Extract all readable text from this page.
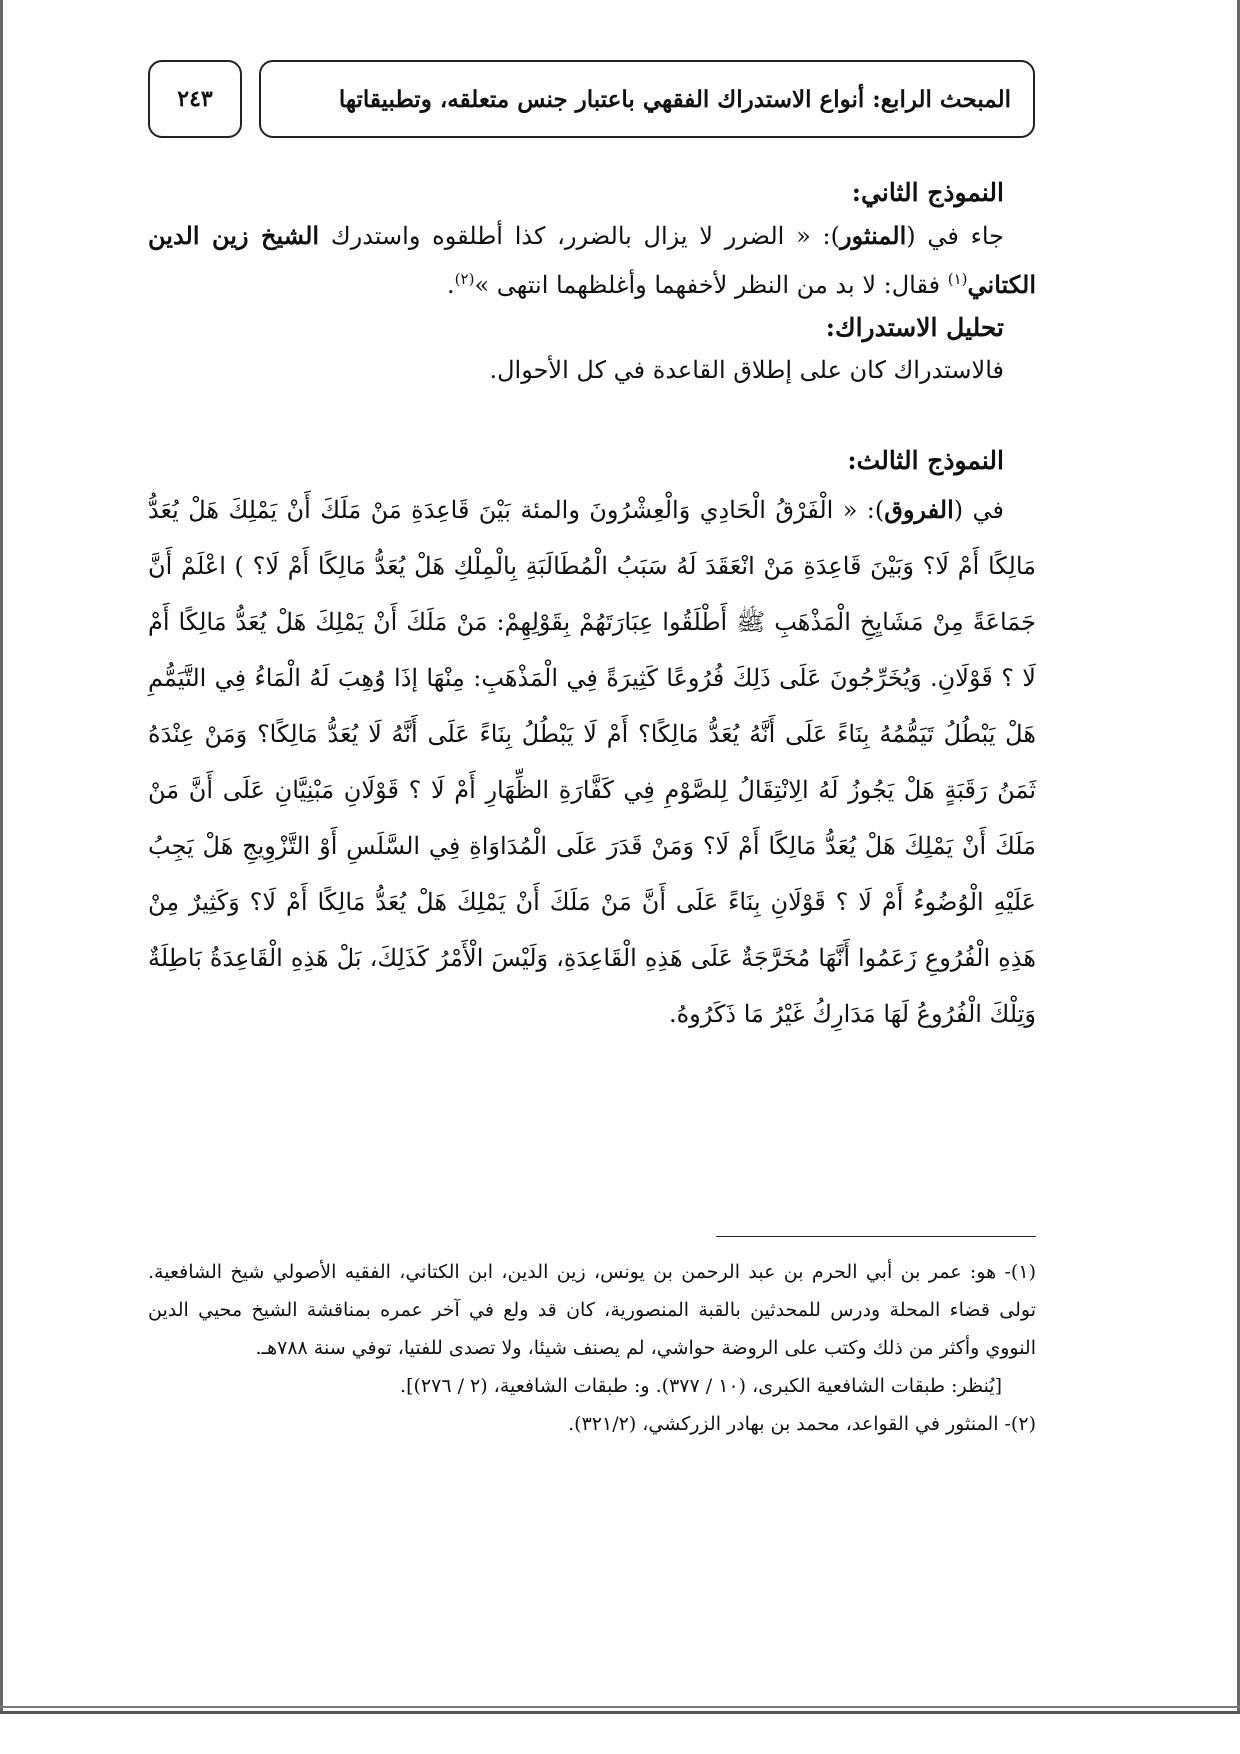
المبحث الرابع: أنواع الاستدراك الفقهي باعتبار جنس متعلقه، وتطبيقاتها
٢٤٣

النموذج الثاني:

جاء في (المنثور): « الضرر لا يزال بالضرر، كذا أطلقوه واستدرك الشيخ زين الدين الكتاني$^{(١)}$ فقال: لا بد من النظر لأخفهما وأغلظهما انتهى »$^{(٢)}$.

تحليل الاستدراك:

فالاستدراك كان على إطلاق القاعدة في كل الأحوال.

النموذج الثالث:

في (الفروق): « الْفَرْقُ الْحَادِي وَالْعِشْرُونَ والمئة بَيْنَ قَاعِدَةِ مَنْ مَلَكَ أَنْ يَمْلِكَ هَلْ يُعَدُّ مَالِكًا أَمْ لَا؟ وَبَيْنَ قَاعِدَةِ مَنْ انْعَقَدَ لَهُ سَبَبُ الْمُطَالَبَةِ بِالْمِلْكِ هَلْ يُعَدُّ مَالِكًا أَمْ لَا؟ ) اعْلَمْ أَنَّ جَمَاعَةً مِنْ مَشَايِخِ الْمَذْهَبِ ﷺ أَطْلَقُوا عِبَارَتَهُمْ بِقَوْلِهِمْ: مَنْ مَلَكَ أَنْ يَمْلِكَ هَلْ يُعَدُّ مَالِكًا أَمْ لَا ؟ قَوْلَانِ. وَيُخَرِّجُونَ عَلَى ذَلِكَ فُرُوعًا كَثِيرَةً فِي الْمَذْهَبِ: مِنْهَا إذَا وُهِبَ لَهُ الْمَاءُ فِي التَّيَمُّمِ هَلْ يَبْطُلُ تَيَمُّمُهُ بِنَاءً عَلَى أَنَّهُ يُعَدُّ مَالِكًا؟ أَمْ لَا يَبْطُلُ بِنَاءً عَلَى أَنَّهُ لَا يُعَدُّ مَالِكًا؟ وَمَنْ عِنْدَهُ ثَمَنُ رَقَبَةٍ هَلْ يَجُوزُ لَهُ الِانْتِقَالُ لِلصَّوْمِ فِي كَفَّارَةِ الظِّهَارِ أَمْ لَا ؟ قَوْلَانِ مَبْنِيَّانِ عَلَى أَنَّ مَنْ مَلَكَ أَنْ يَمْلِكَ هَلْ يُعَدُّ مَالِكًا أَمْ لَا؟ وَمَنْ قَدَرَ عَلَى الْمُدَاوَاةِ فِي السَّلَسِ أَوْ التَّزْوِيجِ هَلْ يَجِبُ عَلَيْهِ الْوُضُوءُ أَمْ لَا ؟ قَوْلَانِ بِنَاءً عَلَى أَنَّ مَنْ مَلَكَ أَنْ يَمْلِكَ هَلْ يُعَدُّ مَالِكًا أَمْ لَا؟ وَكَثِيرٌ مِنْ هَذِهِ الْفُرُوعِ زَعَمُوا أَنَّهَا مُخَرَّجَةٌ عَلَى هَذِهِ الْقَاعِدَةِ، وَلَيْسَ الْأَمْرُ كَذَلِكَ، بَلْ هَذِهِ الْقَاعِدَةُ بَاطِلَةٌ وَتِلْكَ الْفُرُوعُ لَهَا مَدَارِكُ غَيْرُ مَا ذَكَرُوهُ.

(١)- هو: عمر بن أبي الحرم بن عبد الرحمن بن يونس، زين الدين، ابن الكتاني، الفقيه الأصولي شيخ الشافعية. تولى قضاء المحلة ودرس للمحدثين بالقبة المنصورية، كان قد ولع في آخر عمره بمناقشة الشيخ محيي الدين النووي وأكثر من ذلك وكتب على الروضة حواشي، لم يصنف شيئا، ولا تصدى للفتيا، توفي سنة ٧٨٨هـ.

[يُنظر: طبقات الشافعية الكبرى، (١٠ / ٣٧٧). و: طبقات الشافعية، (٢ / ٢٧٦)].

(٢)- المنثور في القواعد، محمد بن بهادر الزركشي، (٣٢١/٢).
